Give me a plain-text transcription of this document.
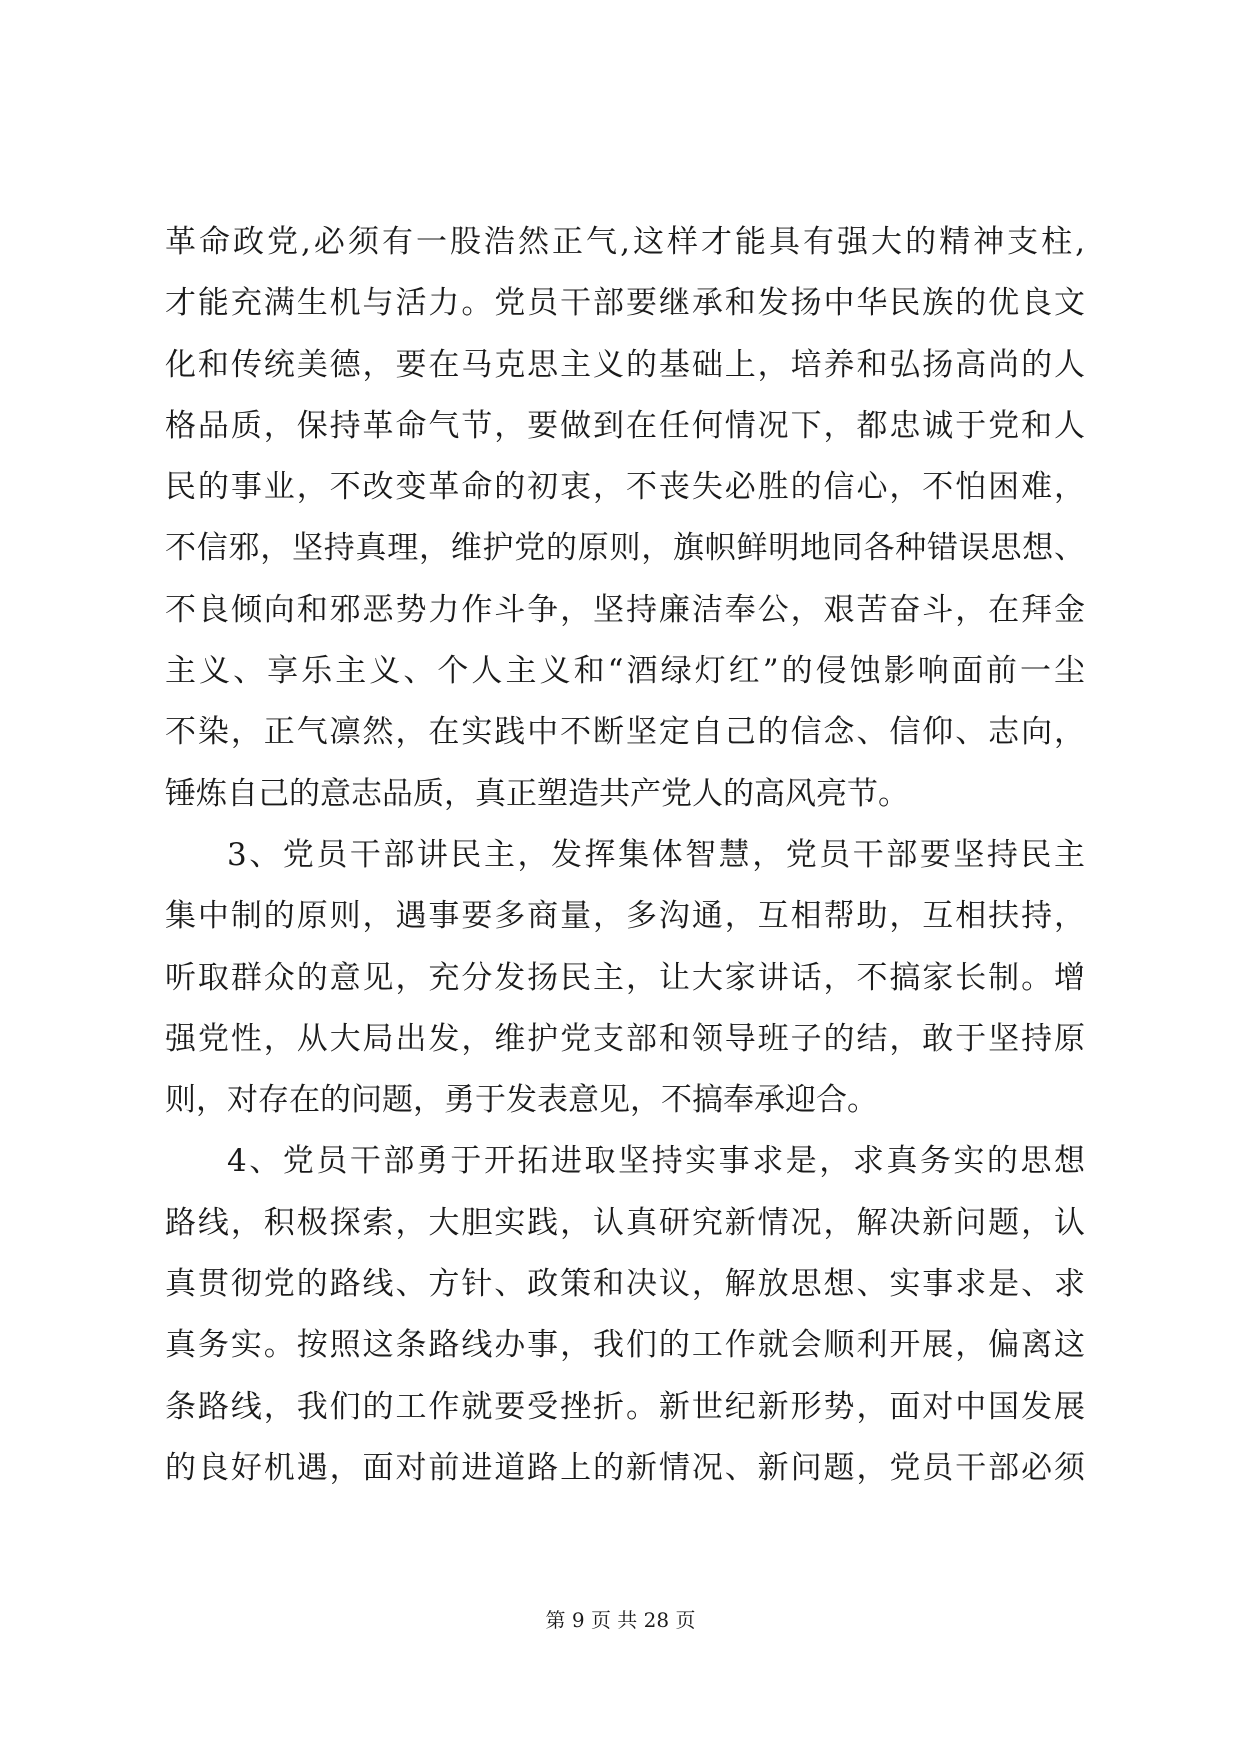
革命政党,必须有一股浩然正气,这样才能具有强大的精神支柱,
才能充满生机与活力。党员干部要继承和发扬中华民族的优良文
化和传统美德，要在马克思主义的基础上，培养和弘扬高尚的人
格品质，保持革命气节，要做到在任何情况下，都忠诚于党和人
民的事业，不改变革命的初衷，不丧失必胜的信心，不怕困难，
不信邪，坚持真理，维护党的原则，旗帜鲜明地同各种错误思想、
不良倾向和邪恶势力作斗争，坚持廉洁奉公，艰苦奋斗，在拜金
主义、享乐主义、个人主义和“酒绿灯红”的侵蚀影响面前一尘
不染，正气凛然，在实践中不断坚定自己的信念、信仰、志向，
锤炼自己的意志品质，真正塑造共产党人的高风亮节。
3、党员干部讲民主，发挥集体智慧，党员干部要坚持民主
集中制的原则，遇事要多商量，多沟通，互相帮助，互相扶持，
听取群众的意见，充分发扬民主，让大家讲话，不搞家长制。增
强党性，从大局出发，维护党支部和领导班子的结，敢于坚持原
则，对存在的问题，勇于发表意见，不搞奉承迎合。
4、党员干部勇于开拓进取坚持实事求是，求真务实的思想
路线，积极探索，大胆实践，认真研究新情况，解决新问题，认
真贯彻党的路线、方针、政策和决议，解放思想、实事求是、求
真务实。按照这条路线办事，我们的工作就会顺利开展，偏离这
条路线，我们的工作就要受挫折。新世纪新形势，面对中国发展
的良好机遇，面对前进道路上的新情况、新问题，党员干部必须
第 9 页 共 28 页
